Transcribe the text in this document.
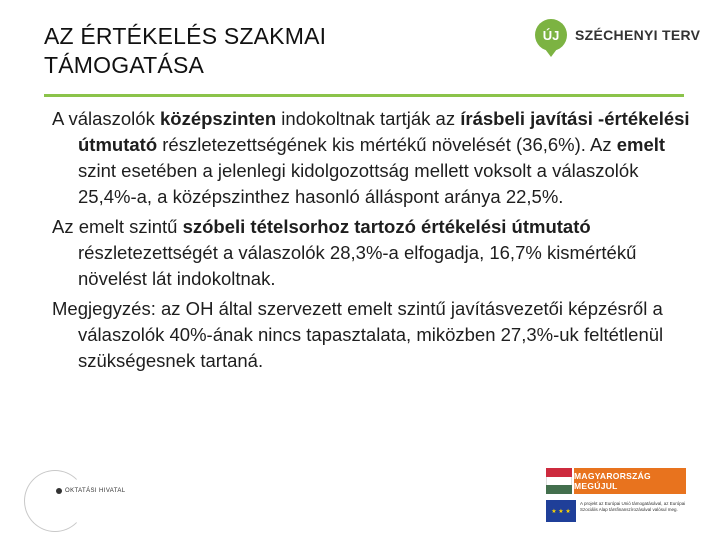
AZ ÉRTÉKELÉS SZAKMAI
TÁMOGATÁSA
ÚJ SZÉCHENYI TERV

A válaszolók középszinten indokoltnak tartják az írásbeli javítási -értékelési útmutató részletezettségének kis mértékű növelését (36,6%). Az emelt szint esetében a jelenlegi kidolgozottság mellett voksolt a válaszolók 25,4%-a, a középszinthez hasonló álláspont aránya 22,5%.

Az emelt szintű szóbeli tételsorhoz tartozó értékelési útmutató részletezettségét a válaszolók 28,3%-a elfogadja, 16,7% kismértékű növelést lát indokoltnak.

Megjegyzés: az OH által szervezett emelt szintű javításvezetői képzésről a válaszolók 40%-ának nincs tapasztalata, miközben 27,3%-uk feltétlenül szükségesnek tartaná.

OKTATÁSI HIVATAL
MAGYARORSZÁG MEGÚJUL
★ ★ ★
A projekt az Európai Unió támogatásával, az Európai Szociális Alap társfinanszírozásával valósul meg.
